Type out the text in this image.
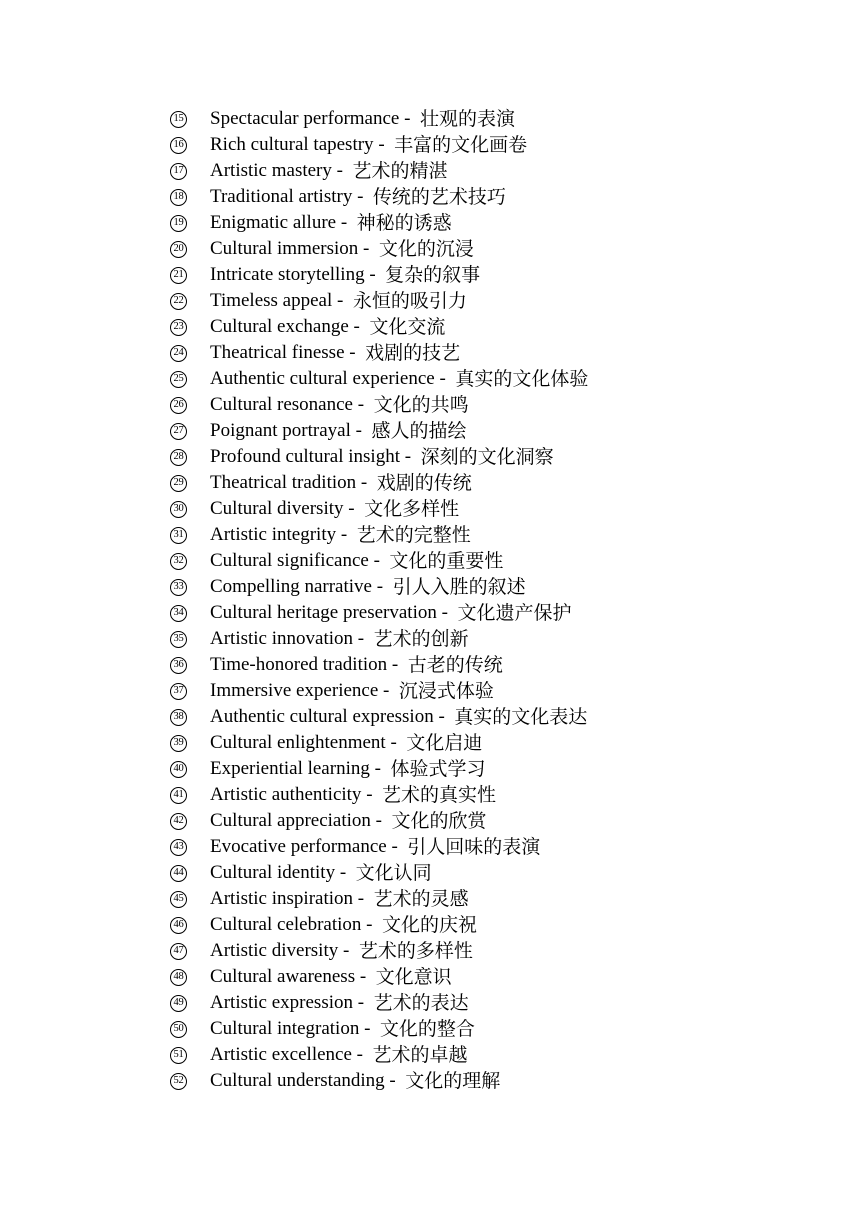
15 Spectacular performance - 壮观的表演
16 Rich cultural tapestry - 丰富的文化画卷
17 Artistic mastery - 艺术的精湛
18 Traditional artistry - 传统的艺术技巧
19 Enigmatic allure - 神秘的诱惑
20 Cultural immersion - 文化的沉浸
21 Intricate storytelling - 复杂的叙事
22 Timeless appeal - 永恒的吸引力
23 Cultural exchange - 文化交流
24 Theatrical finesse - 戏剧的技艺
25 Authentic cultural experience - 真实的文化体验
26 Cultural resonance - 文化的共鸣
27 Poignant portrayal - 感人的描绘
28 Profound cultural insight - 深刻的文化洞察
29 Theatrical tradition - 戏剧的传统
30 Cultural diversity - 文化多样性
31 Artistic integrity - 艺术的完整性
32 Cultural significance - 文化的重要性
33 Compelling narrative - 引人入胜的叙述
34 Cultural heritage preservation - 文化遗产保护
35 Artistic innovation - 艺术的创新
36 Time-honored tradition - 古老的传统
37 Immersive experience - 沉浸式体验
38 Authentic cultural expression - 真实的文化表达
39 Cultural enlightenment - 文化启迪
40 Experiential learning - 体验式学习
41 Artistic authenticity - 艺术的真实性
42 Cultural appreciation - 文化的欣赏
43 Evocative performance - 引人回味的表演
44 Cultural identity - 文化认同
45 Artistic inspiration - 艺术的灵感
46 Cultural celebration - 文化的庆祝
47 Artistic diversity - 艺术的多样性
48 Cultural awareness - 文化意识
49 Artistic expression - 艺术的表达
50 Cultural integration - 文化的整合
51 Artistic excellence - 艺术的卓越
52 Cultural understanding - 文化的理解
